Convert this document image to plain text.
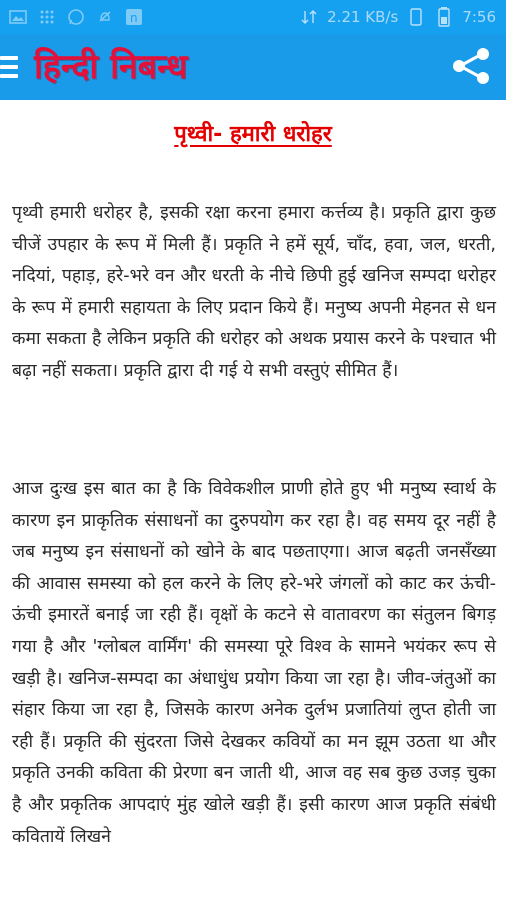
n	2.21 KB/s	7:56
हिन्दी निबन्ध
पृथ्वी- हमारी धरोहर

पृथ्वी हमारी धरोहर है, इसकी रक्षा करना हमारा कर्त्तव्य है। प्रकृति द्वारा कुछ चीजें उपहार के रूप में मिली हैं। प्रकृति ने हमें सूर्य, चाँद, हवा, जल, धरती, नदियां, पहाड़, हरे-भरे वन और धरती के नीचे छिपी हुई खनिज सम्पदा धरोहर के रूप में हमारी सहायता के लिए प्रदान किये हैं। मनुष्य अपनी मेहनत से धन कमा सकता है लेकिन प्रकृति की धरोहर को अथक प्रयास करने के पश्चात भी बढ़ा नहीं सकता। प्रकृति द्वारा दी गई ये सभी वस्तुएं सीमित हैं।

आज दुःख इस बात का है कि विवेकशील प्राणी होते हुए भी मनुष्य स्वार्थ के कारण इन प्राकृतिक संसाधनों का दुरुपयोग कर रहा है। वह समय दूर नहीं है जब मनुष्य इन संसाधनों को खोने के बाद पछताएगा। आज बढ़ती जनसँख्या की आवास समस्या को हल करने के लिए हरे-भरे जंगलों को काट कर ऊंची-ऊंची इमारतें बनाई जा रही हैं। वृक्षों के कटने से वातावरण का संतुलन बिगड़ गया है और 'ग्लोबल वार्मिंग' की समस्या पूरे विश्व के सामने भयंकर रूप से खड़ी है। खनिज-सम्पदा का अंधाधुंध प्रयोग किया जा रहा है। जीव-जंतुओं का संहार किया जा रहा है, जिसके कारण अनेक दुर्लभ प्रजातियां लुप्त होती जा रही हैं। प्रकृति की सुंदरता जिसे देखकर कवियों का मन झूम उठता था और प्रकृति उनकी कविता की प्रेरणा बन जाती थी, आज वह सब कुछ उजड़ चुका है और प्रकृतिक आपदाएं मुंह खोले खड़ी हैं। इसी कारण आज प्रकृति संबंधी कवितायें लिखने
